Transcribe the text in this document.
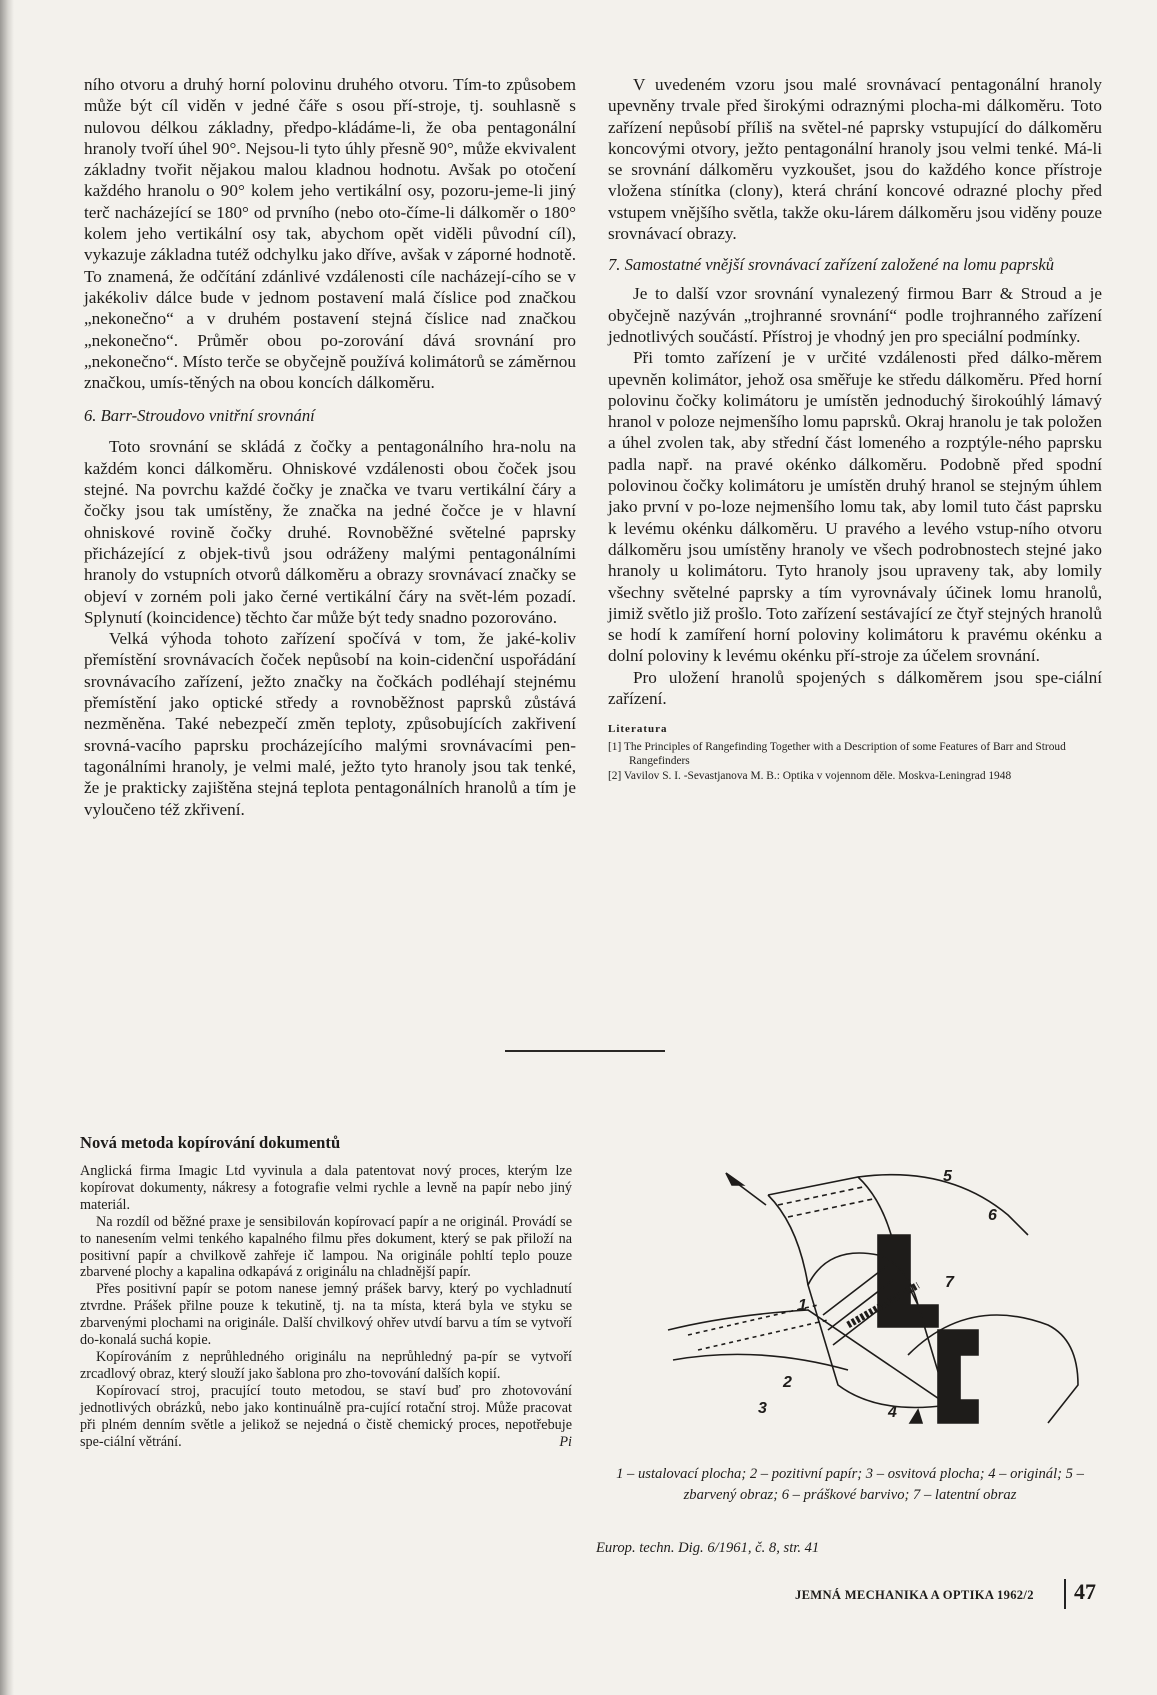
ního otvoru a druhý horní polovinu druhého otvoru. Tím-to způsobem může být cíl viděn v jedné čáře s osou pří-stroje, tj. souhlasně s nulovou délkou základny, předpo-kládáme-li, že oba pentagonální hranoly tvoří úhel 90°. Nejsou-li tyto úhly přesně 90°, může ekvivalent základny tvořit nějakou malou kladnou hodnotu. Avšak po otočení každého hranolu o 90° kolem jeho vertikální osy, pozoru-jeme-li jiný terč nacházející se 180° od prvního (nebo oto-číme-li dálkoměr o 180° kolem jeho vertikální osy tak, abychom opět viděli původní cíl), vykazuje základna tutéž odchylku jako dříve, avšak v záporné hodnotě. To znamená, že odčítání zdánlivé vzdálenosti cíle nacházejí-cího se v jakékoliv dálce bude v jednom postavení malá číslice pod značkou „nekonečno“ a v druhém postavení stejná číslice nad značkou „nekonečno“. Průměr obou po-zorování dává srovnání pro „nekonečno“. Místo terče se obyčejně používá kolimátorů se záměrnou značkou, umís-těných na obou koncích dálkoměru.

6. Barr-Stroudovo vnitřní srovnání

Toto srovnání se skládá z čočky a pentagonálního hra-nolu na každém konci dálkoměru. Ohniskové vzdálenosti obou čoček jsou stejné. Na povrchu každé čočky je značka ve tvaru vertikální čáry a čočky jsou tak umístěny, že značka na jedné čočce je v hlavní ohniskové rovině čočky druhé. Rovnoběžné světelné paprsky přicházející z objek-tivů jsou odráženy malými pentagonálními hranoly do vstupních otvorů dálkoměru a obrazy srovnávací značky se objeví v zorném poli jako černé vertikální čáry na svět-lém pozadí. Splynutí (koincidence) těchto čar může být tedy snadno pozorováno.

Velká výhoda tohoto zařízení spočívá v tom, že jaké-koliv přemístění srovnávacích čoček nepůsobí na koin-cidenční uspořádání srovnávacího zařízení, ježto značky na čočkách podléhají stejnému přemístění jako optické středy a rovnoběžnost paprsků zůstává nezměněna. Také nebezpečí změn teploty, způsobujících zakřivení srovná-vacího paprsku procházejícího malými srovnávacími pen-tagonálními hranoly, je velmi malé, ježto tyto hranoly jsou tak tenké, že je prakticky zajištěna stejná teplota pentagonálních hranolů a tím je vyloučeno též zkřivení.

V uvedeném vzoru jsou malé srovnávací pentagonální hranoly upevněny trvale před širokými odraznými plocha-mi dálkoměru. Toto zařízení nepůsobí příliš na světel-né paprsky vstupující do dálkoměru koncovými otvory, ježto pentagonální hranoly jsou velmi tenké. Má-li se srovnání dálkoměru vyzkoušet, jsou do každého konce přístroje vložena stínítka (clony), která chrání koncové odrazné plochy před vstupem vnějšího světla, takže oku-lárem dálkoměru jsou viděny pouze srovnávací obrazy.

7. Samostatné vnější srovnávací zařízení založené na lomu paprsků

Je to další vzor srovnání vynalezený firmou Barr & Stroud a je obyčejně nazýván „trojhranné srovnání“ podle trojhranného zařízení jednotlivých součástí. Přístroj je vhodný jen pro speciální podmínky.

Při tomto zařízení je v určité vzdálenosti před dálko-měrem upevněn kolimátor, jehož osa směřuje ke středu dálkoměru. Před horní polovinu čočky kolimátoru je umístěn jednoduchý širokoúhlý lámavý hranol v poloze nejmenšího lomu paprsků. Okraj hranolu je tak položen a úhel zvolen tak, aby střední část lomeného a rozptýle-ného paprsku padla např. na pravé okénko dálkoměru. Podobně před spodní polovinou čočky kolimátoru je umístěn druhý hranol se stejným úhlem jako první v po-loze nejmenšího lomu tak, aby lomil tuto část paprsku k levému okénku dálkoměru. U pravého a levého vstup-ního otvoru dálkoměru jsou umístěny hranoly ve všech podrobnostech stejné jako hranoly u kolimátoru. Tyto hranoly jsou upraveny tak, aby lomily všechny světelné paprsky a tím vyrovnávaly účinek lomu hranolů, jimiž světlo již prošlo. Toto zařízení sestávající ze čtyř stejných hranolů se hodí k zamíření horní poloviny kolimátoru k pravému okénku a dolní poloviny k levému okénku pří-stroje za účelem srovnání.

Pro uložení hranolů spojených s dálkoměrem jsou spe-ciální zařízení.

Literatura
[1] The Principles of Rangefinding Together with a Description of some Features of Barr and Stroud Rangefinders
[2] Vavilov S. I. -Sevastjanova M. B.: Optika v vojennom děle. Moskva-Leningrad 1948
Nová metoda kopírování dokumentů

Anglická firma Imagic Ltd vyvinula a dala patentovat nový proces, kterým lze kopírovat dokumenty, nákresy a fotografie velmi rychle a levně na papír nebo jiný materiál.

Na rozdíl od běžné praxe je sensibilován kopírovací papír a ne originál. Provádí se to nanesením velmi tenkého kapalného filmu přes dokument, který se pak přiloží na positivní papír a chvilkově zahřeje ič lampou. Na originále pohltí teplo pouze zbarvené plochy a kapalina odkapává z originálu na chladnější papír.

Přes positivní papír se potom nanese jemný prášek barvy, který po vychladnutí ztvrdne. Prášek přilne pouze k tekutině, tj. na ta místa, která byla ve styku se zbarvenými plochami na originále. Další chvilkový ohřev utvdí barvu a tím se vytvoří do-konalá suchá kopie.

Kopírováním z neprůhledného originálu na neprůhledný pa-pír se vytvoří zrcadlový obraz, který slouží jako šablona pro zho-tovování dalších kopií.

Kopírovací stroj, pracující touto metodou, se staví buď pro zhotovování jednotlivých obrázků, nebo jako kontinuálně pra-cující rotační stroj. Může pracovat při plném denním světle a jelikož se nejedná o čistě chemický proces, nepotřebuje spe-ciální větrání.	Pi

1
2
3	4
5
6
7
1 – ustalovací plocha; 2 – pozitivní papír; 3 – osvitová plocha; 4 – originál; 5 – zbarvený obraz; 6 – práškové barvivo; 7 – latentní obraz
Europ. techn. Dig. 6/1961, č. 8, str. 41
JEMNÁ MECHANIKA A OPTIKA 1962/2 47
